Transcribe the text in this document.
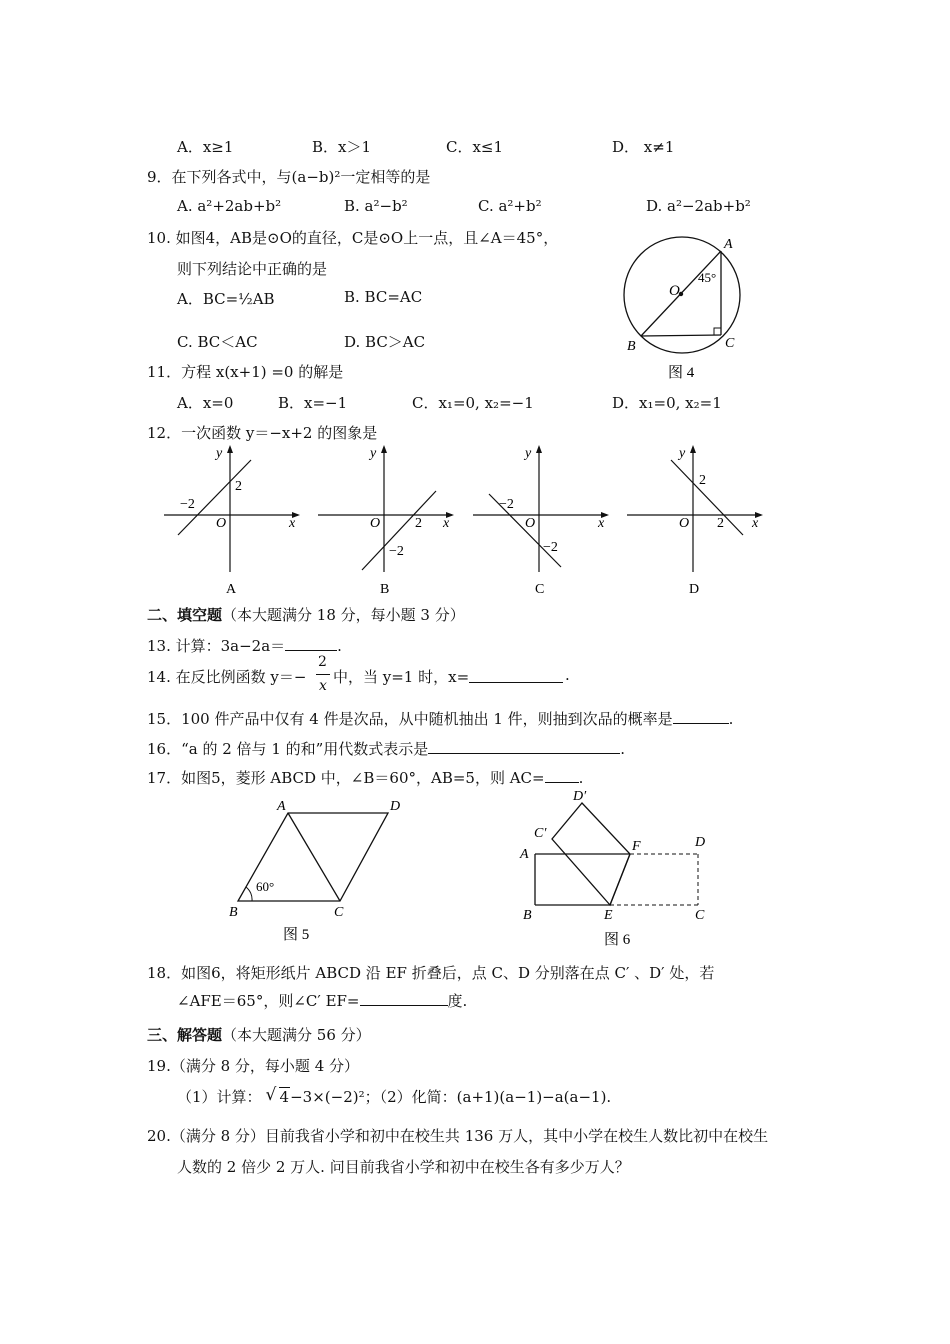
A．x≥1	B．x＞1	C．x≤1	D． x≠1
9．在下列各式中，与(a−b)²一定相等的是
A. a²+2ab+b²	B. a²−b²	C. a²+b²	D. a²−2ab+b²
10. 如图4，AB是⊙O的直径，C是⊙O上一点，且∠A＝45°，
则下列结论中正确的是
A．BC=½AB	B. BC=AC
C. BC＜AC	D. BC＞AC
O
A
B	C
45°
图 4
11．方程 x(x+1) =0 的解是
A．x=0	B．x=−1	C．x₁=0, x₂=−1	D．x₁=0, x₂=1
12．一次函数 y＝−x+2 的图象是
y
x
O
2
−2
A
y
x
O 2
−2
B
y
x
O
−2
−2
C
y
x
O
2
2
D
二、填空题（本大题满分 18 分，每小题 3 分）
13. 计算：3a−2a＝	.
14. 在反比例函数 y＝−
2
x 中，当 y=1 时，x=	.
15．100 件产品中仅有 4 件是次品，从中随机抽出 1 件，则抽到次品的概率是	.
16．“a 的 2 倍与 1 的和”用代数式表示是	.
17．如图5，菱形 ABCD 中，∠B＝60°，AB=5，则 AC= .
A	D
B	C
60°
图 5
D′
C′
A
F	D
B	E	C
图 6
18．如图6，将矩形纸片 ABCD 沿 EF 折叠后，点 C、D 分别落在点 C′ 、D′ 处，若
∠AFE＝65°，则∠C′ EF=	度.
三、解答题（本大题满分 56 分）
19.（满分 8 分，每小题 4 分）
（1）计算： √ 4−3×(−2)²；（2）化简：(a+1)(a−1)−a(a−1).
20.（满分 8 分）目前我省小学和初中在校生共 136 万人，其中小学在校生人数比初中在校生
人数的 2 倍少 2 万人. 问目前我省小学和初中在校生各有多少万人？
